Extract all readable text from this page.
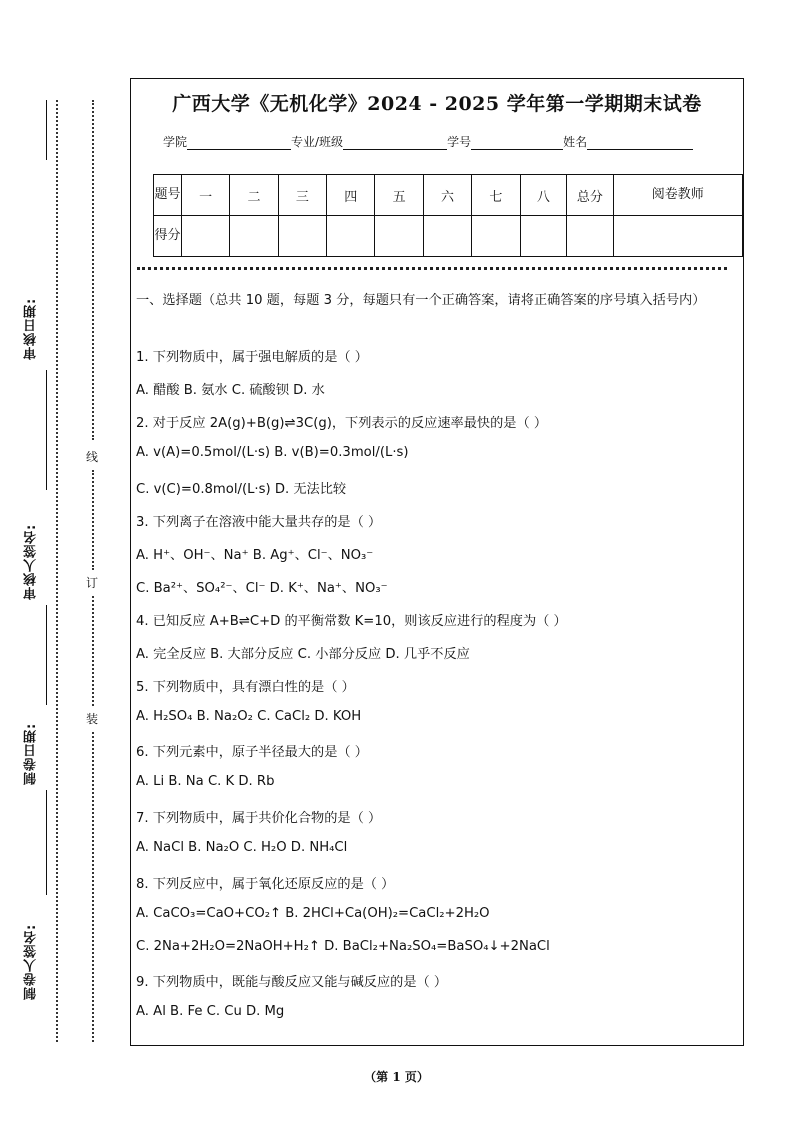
审核日期:
审核人签名:
制卷日期:
制卷人签名:
线
订
装
广西大学《无机化学》2024 - 2025 学年第一学期期末试卷
学院	专业/班级	学号	姓名
题号	一	二	三	四	五	六	七	八	总分	阅卷教师
得分										
一、选择题（总共 10 题，每题 3 分，每题只有一个正确答案，请将正确答案的序号填入括号内）
1. 下列物质中，属于强电解质的是（ ）
A. 醋酸 B. 氨水 C. 硫酸钡 D. 水
2. 对于反应 2A(g)+B(g)⇌3C(g)，下列表示的反应速率最快的是（ ）
A. v(A)=0.5mol/(L·s) B. v(B)=0.3mol/(L·s)
C. v(C)=0.8mol/(L·s) D. 无法比较
3. 下列离子在溶液中能大量共存的是（ ）
A. H⁺、OH⁻、Na⁺ B. Ag⁺、Cl⁻、NO₃⁻
C. Ba²⁺、SO₄²⁻、Cl⁻ D. K⁺、Na⁺、NO₃⁻
4. 已知反应 A+B⇌C+D 的平衡常数 K=10，则该反应进行的程度为（ ）
A. 完全反应 B. 大部分反应 C. 小部分反应 D. 几乎不反应
5. 下列物质中，具有漂白性的是（ ）
A. H₂SO₄ B. Na₂O₂ C. CaCl₂ D. KOH
6. 下列元素中，原子半径最大的是（ ）
A. Li B. Na C. K D. Rb
7. 下列物质中，属于共价化合物的是（ ）
A. NaCl B. Na₂O C. H₂O D. NH₄Cl
8. 下列反应中，属于氧化还原反应的是（ ）
A. CaCO₃=CaO+CO₂↑ B. 2HCl+Ca(OH)₂=CaCl₂+2H₂O
C. 2Na+2H₂O=2NaOH+H₂↑ D. BaCl₂+Na₂SO₄=BaSO₄↓+2NaCl
9. 下列物质中，既能与酸反应又能与碱反应的是（ ）
A. Al B. Fe C. Cu D. Mg
（第 1 页）
